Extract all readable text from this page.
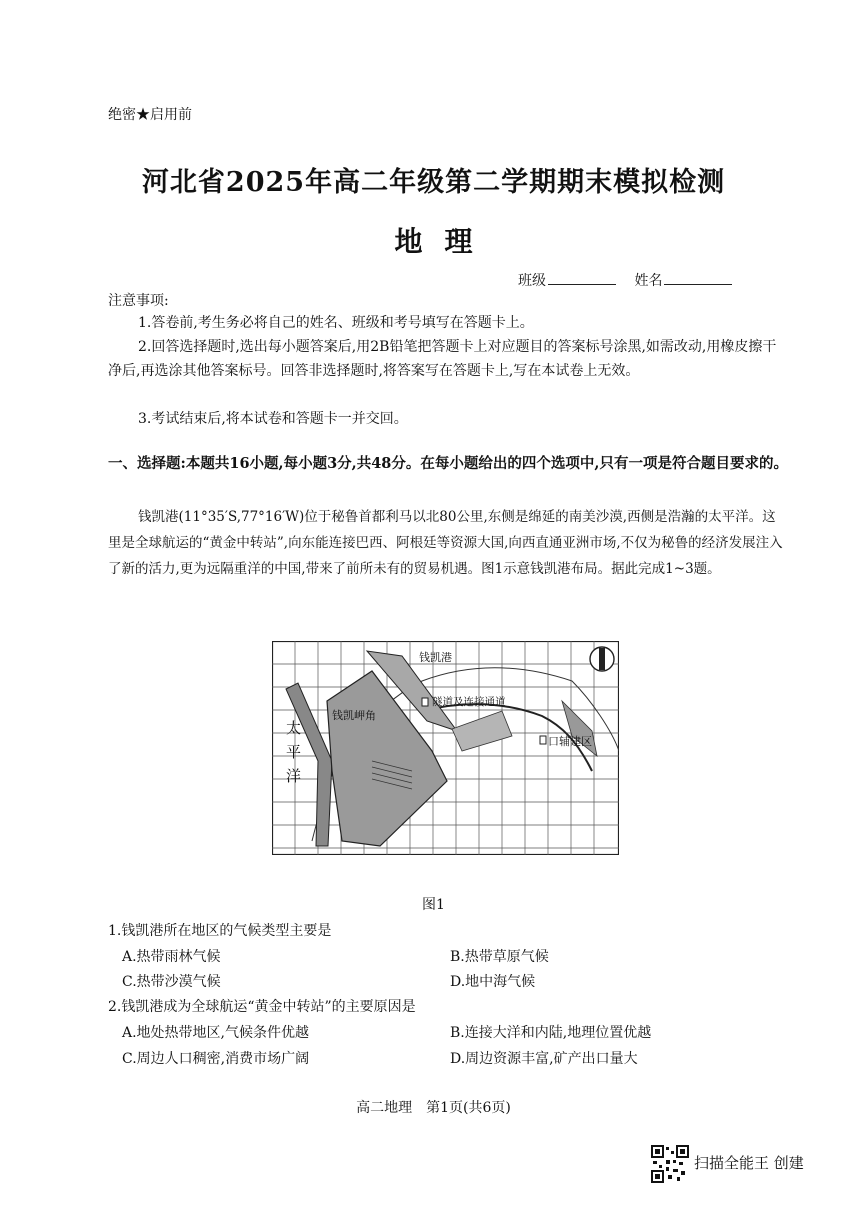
绝密★启用前
河北省2025年高二年级第二学期期末模拟检测
地理
班级	姓名
注意事项:
1.答卷前,考生务必将自己的姓名、班级和考号填写在答题卡上。
2.回答选择题时,选出每小题答案后,用2B铅笔把答题卡上对应题目的答案标号涂黑,如需改动,用橡皮擦干净后,再选涂其他答案标号。回答非选择题时,将答案写在答题卡上,写在本试卷上无效。
3.考试结束后,将本试卷和答题卡一并交回。
一、选择题:本题共16小题,每小题3分,共48分。在每小题给出的四个选项中,只有一项是符合题目要求的。
钱凯港(11°35′S,77°16′W)位于秘鲁首都利马以北80公里,东侧是绵延的南美沙漠,西侧是浩瀚的太平洋。这里是全球航运的“黄金中转站”,向东能连接巴西、阿根廷等资源大国,向西直通亚洲市场,不仅为秘鲁的经济发展注入了新的活力,更为远隔重洋的中国,带来了前所未有的贸易机遇。图1示意钱凯港布局。据此完成1~3题。
钱凯港
钱凯岬角
隧道及连接通道
口辅建区
太
平
洋
图1
1.钱凯港所在地区的气候类型主要是
A.热带雨林气候	B.热带草原气候
C.热带沙漠气候	D.地中海气候
2.钱凯港成为全球航运“黄金中转站”的主要原因是
A.地处热带地区,气候条件优越	B.连接大洋和内陆,地理位置优越
C.周边人口稠密,消费市场广阔	D.周边资源丰富,矿产出口量大
高二地理　第1页(共6页)
扫描全能王 创建
